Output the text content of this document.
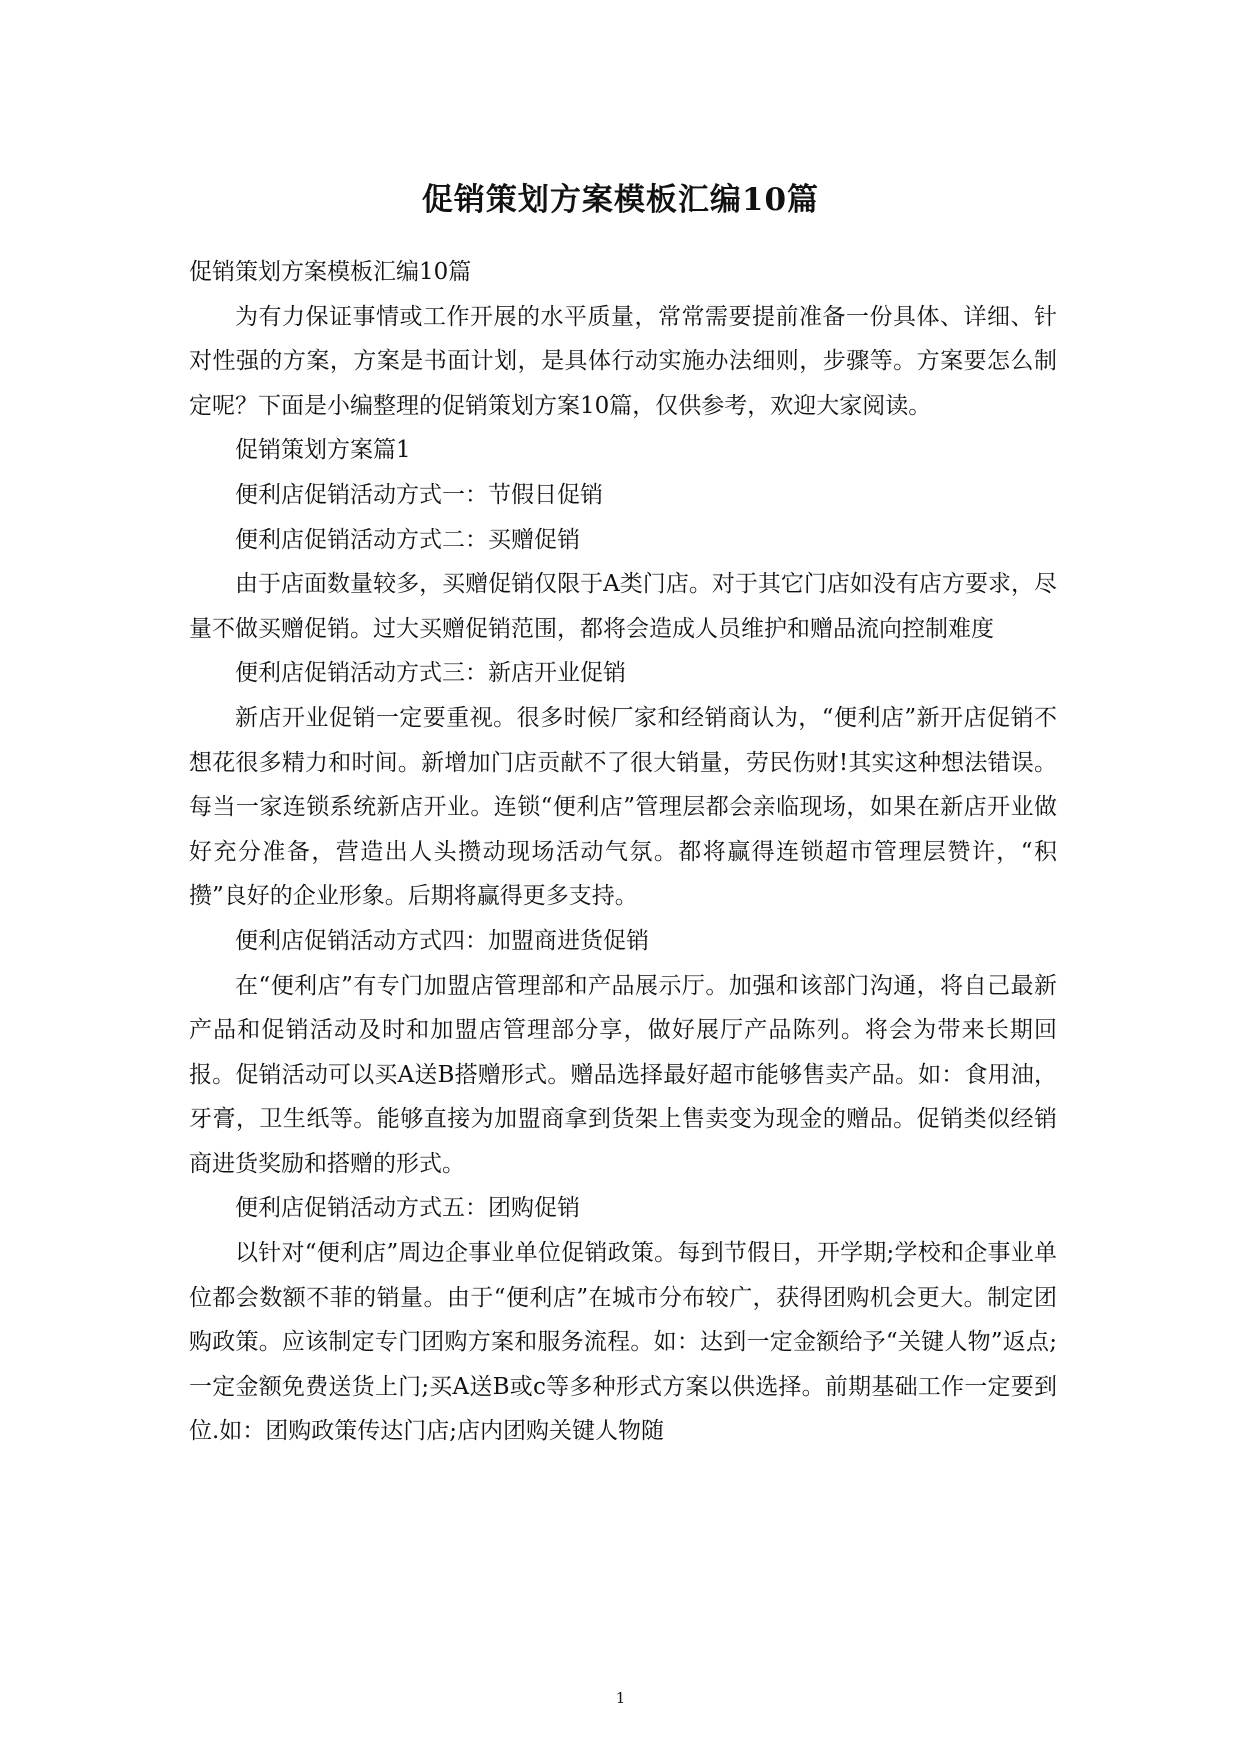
促销策划方案模板汇编10篇

促销策划方案模板汇编10篇

为有力保证事情或工作开展的水平质量，常常需要提前准备一份具体、详细、针对性强的方案，方案是书面计划，是具体行动实施办法细则，步骤等。方案要怎么制定呢？下面是小编整理的促销策划方案10篇，仅供参考，欢迎大家阅读。

促销策划方案篇1

便利店促销活动方式一：节假日促销

便利店促销活动方式二：买赠促销

由于店面数量较多，买赠促销仅限于A类门店。对于其它门店如没有店方要求，尽量不做买赠促销。过大买赠促销范围，都将会造成人员维护和赠品流向控制难度

便利店促销活动方式三：新店开业促销

新店开业促销一定要重视。很多时候厂家和经销商认为，“便利店”新开店促销不想花很多精力和时间。新增加门店贡献不了很大销量，劳民伤财!其实这种想法错误。每当一家连锁系统新店开业。连锁“便利店”管理层都会亲临现场，如果在新店开业做好充分准备，营造出人头攒动现场活动气氛。都将赢得连锁超市管理层赞许，“积攒”良好的企业形象。后期将赢得更多支持。

便利店促销活动方式四：加盟商进货促销

在“便利店”有专门加盟店管理部和产品展示厅。加强和该部门沟通，将自己最新产品和促销活动及时和加盟店管理部分享，做好展厅产品陈列。将会为带来长期回报。促销活动可以买A送B搭赠形式。赠品选择最好超市能够售卖产品。如：食用油，牙膏，卫生纸等。能够直接为加盟商拿到货架上售卖变为现金的赠品。促销类似经销商进货奖励和搭赠的形式。

便利店促销活动方式五：团购促销

以针对“便利店”周边企事业单位促销政策。每到节假日，开学期;学校和企事业单位都会数额不菲的销量。由于“便利店”在城市分布较广，获得团购机会更大。制定团购政策。应该制定专门团购方案和服务流程。如：达到一定金额给予“关键人物”返点;一定金额免费送货上门;买A送B或c等多种形式方案以供选择。前期基础工作一定要到位.如：团购政策传达门店;店内团购关键人物随

1
